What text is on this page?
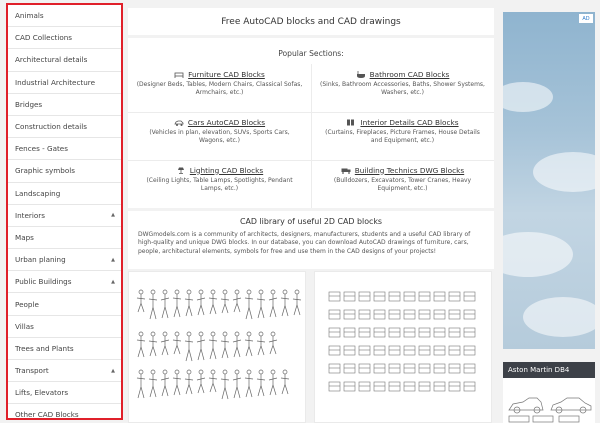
Animals
CAD Collections
Architectural details
Industrial Architecture
Bridges
Construction details
Fences - Gates
Graphic symbols
Landscaping
Interiors	▲
Maps
Urban planing	▲
Public Buildings	▲
People
Villas
Trees and Plants
Transport	▲
Lifts, Elevators
Other CAD Blocks
Free AutoCAD blocks and CAD drawings
Popular Sections:
Furniture CAD Blocks
(Designer Beds, Tables, Modern Chairs, Classical Sofas, Armchairs, etc.)
Bathroom CAD Blocks
(Sinks, Bathroom Accessories, Baths, Shower Systems, Washers, etc.)
Cars AutoCAD Blocks
(Vehicles in plan, elevation, SUVs, Sports Cars, Wagons, etc.)
Interior Details CAD Blocks
(Curtains, Fireplaces, Picture Frames, House Details and Equipment, etc.)
Lighting CAD Blocks
(Ceiling Lights, Table Lamps, Spotlights, Pendant Lamps, etc.)
Building Technics DWG Blocks
(Bulldozers, Excavators, Tower Cranes, Heavy Equipment, etc.)
CAD library of useful 2D CAD blocks
DWGmodels.com is a community of architects, designers, manufacturers, students and a useful CAD library of high-quality and unique DWG blocks. In our database, you can download AutoCAD drawings of furniture, cars, people, architectural elements, symbols for free and use them in the CAD designs of your projects!
AD
Aston Martin DB4
